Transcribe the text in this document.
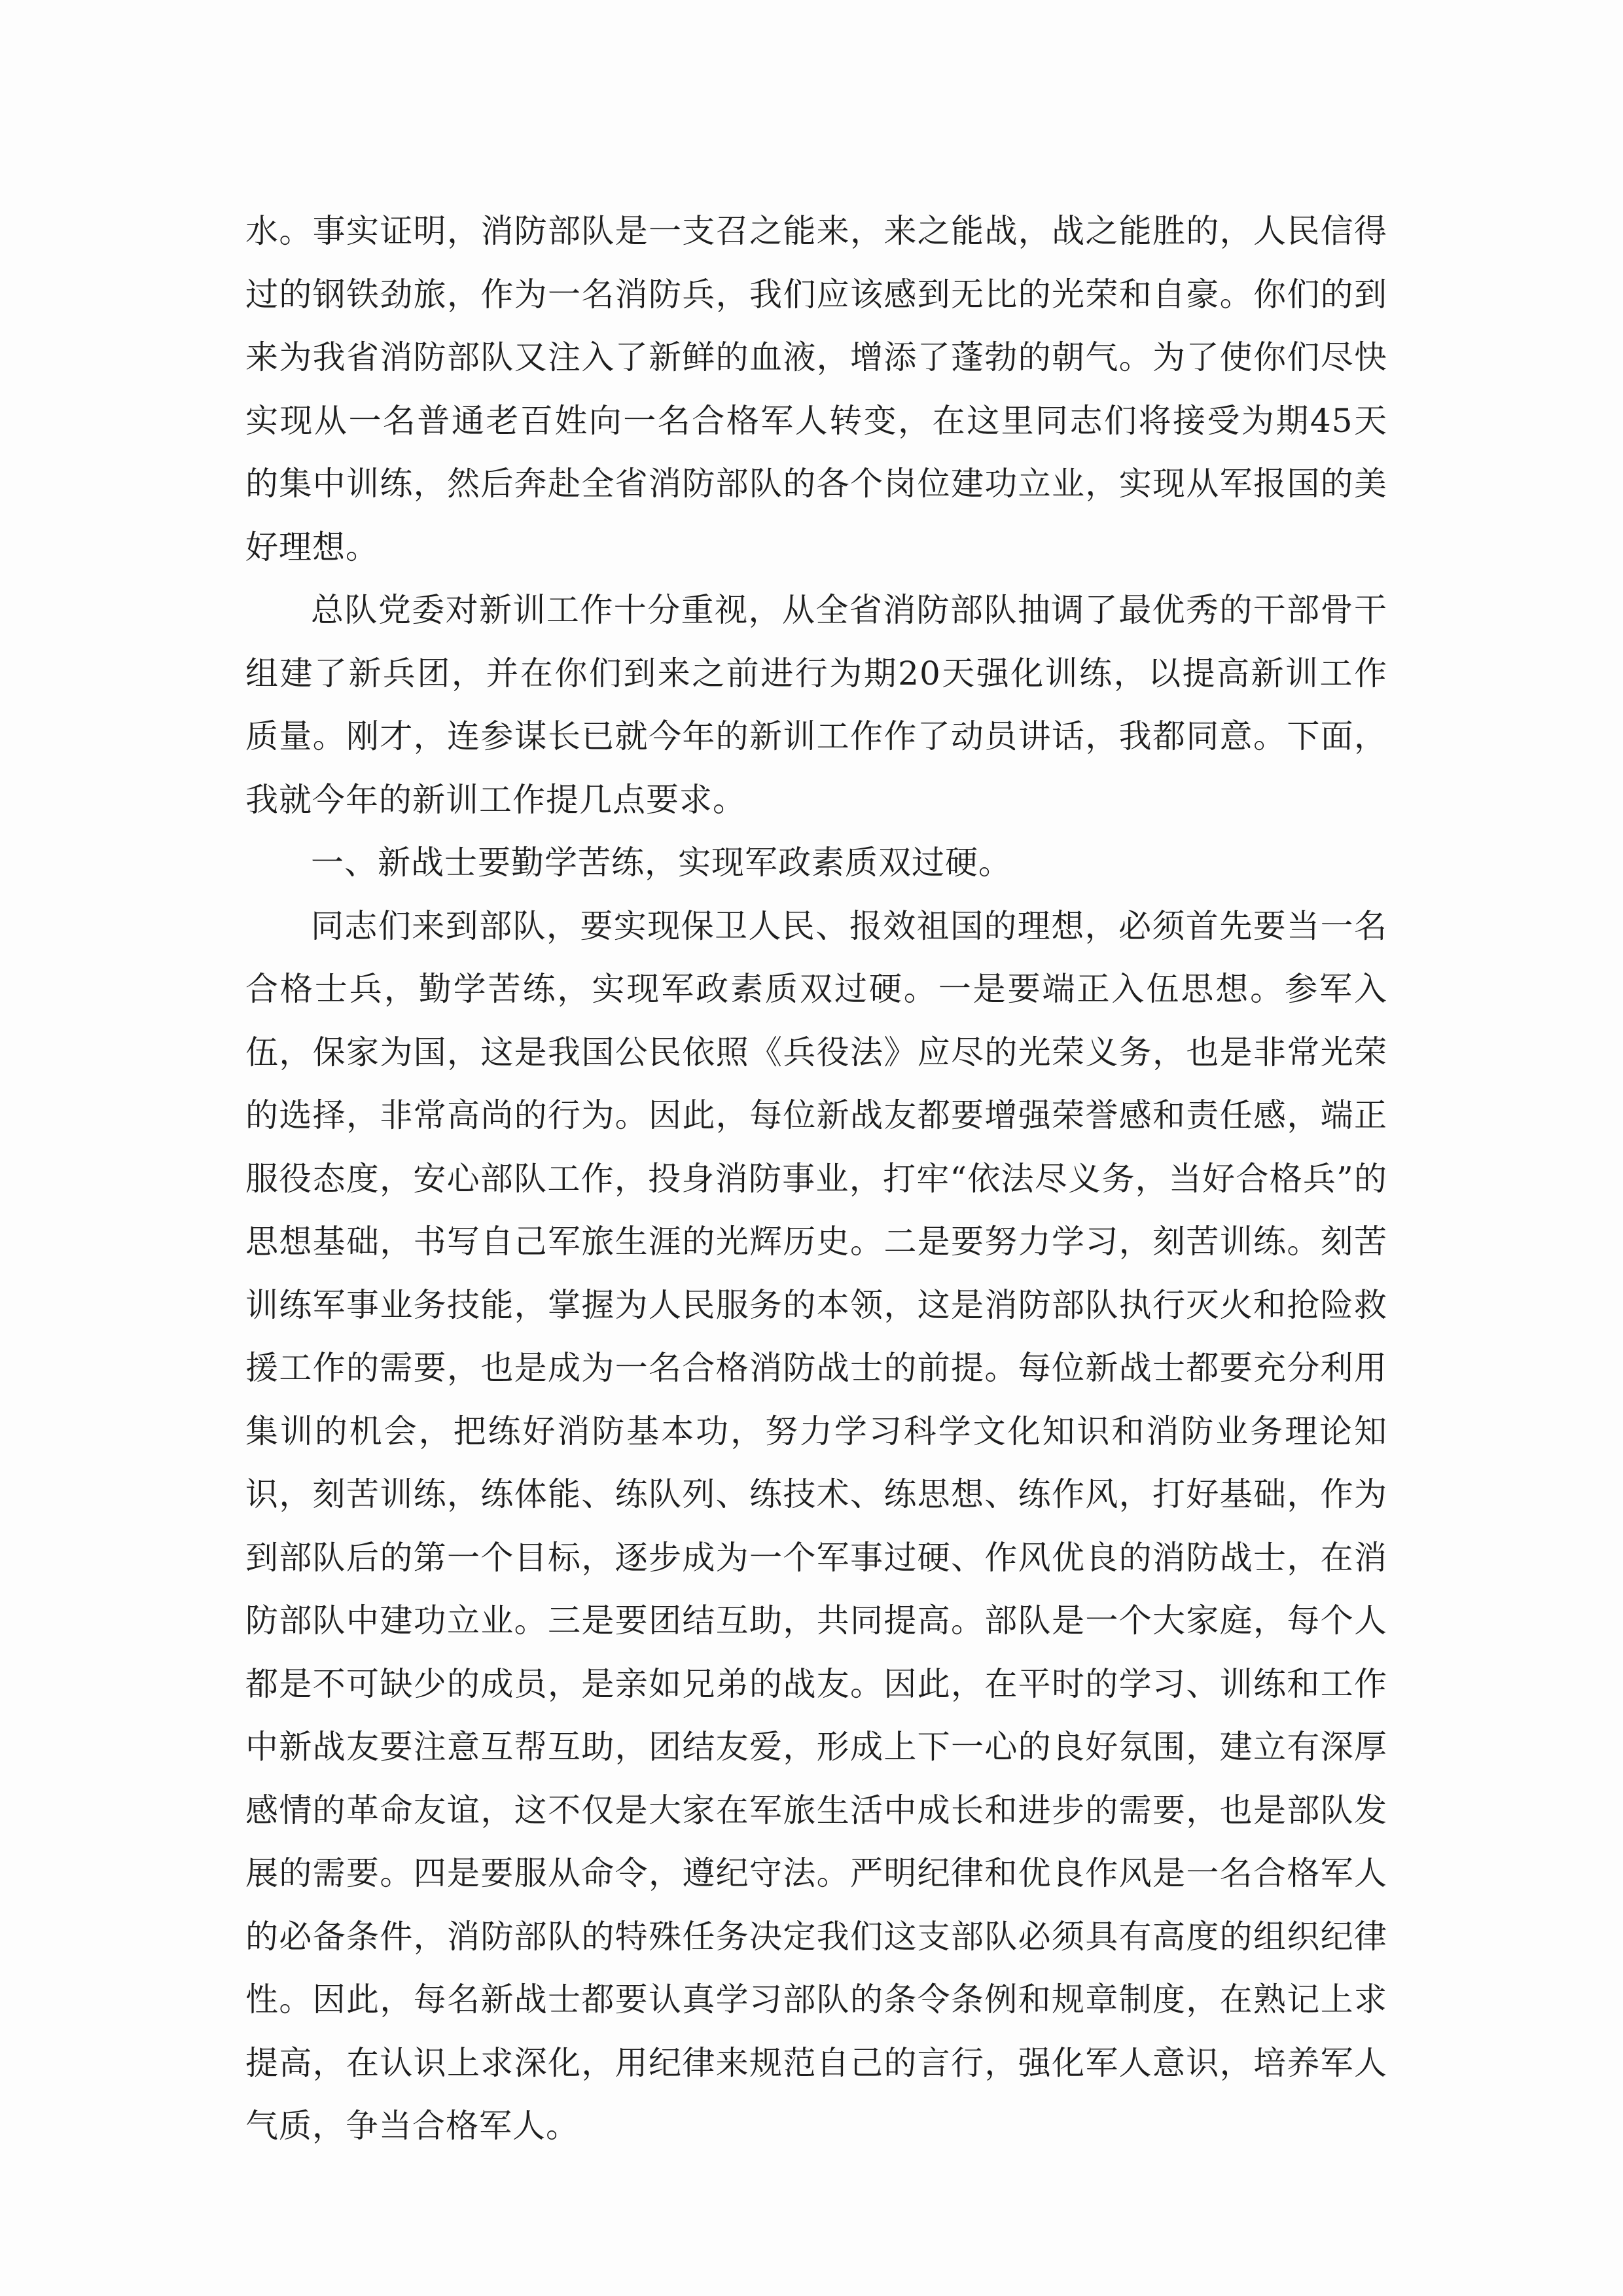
水。事实证明，消防部队是一支召之能来，来之能战，战之能胜的，人民信得过的钢铁劲旅，作为一名消防兵，我们应该感到无比的光荣和自豪。你们的到来为我省消防部队又注入了新鲜的血液，增添了蓬勃的朝气。为了使你们尽快实现从一名普通老百姓向一名合格军人转变，在这里同志们将接受为期45天的集中训练，然后奔赴全省消防部队的各个岗位建功立业，实现从军报国的美好理想。

总队党委对新训工作十分重视，从全省消防部队抽调了最优秀的干部骨干组建了新兵团，并在你们到来之前进行为期20天强化训练，以提高新训工作质量。刚才，连参谋长已就今年的新训工作作了动员讲话，我都同意。下面，我就今年的新训工作提几点要求。

一、新战士要勤学苦练，实现军政素质双过硬。

同志们来到部队，要实现保卫人民、报效祖国的理想，必须首先要当一名合格士兵，勤学苦练，实现军政素质双过硬。一是要端正入伍思想。参军入伍，保家为国，这是我国公民依照《兵役法》应尽的光荣义务，也是非常光荣的选择，非常高尚的行为。因此，每位新战友都要增强荣誉感和责任感，端正服役态度，安心部队工作，投身消防事业，打牢“依法尽义务，当好合格兵”的思想基础，书写自己军旅生涯的光辉历史。二是要努力学习，刻苦训练。刻苦训练军事业务技能，掌握为人民服务的本领，这是消防部队执行灭火和抢险救援工作的需要，也是成为一名合格消防战士的前提。每位新战士都要充分利用集训的机会，把练好消防基本功，努力学习科学文化知识和消防业务理论知识，刻苦训练，练体能、练队列、练技术、练思想、练作风，打好基础，作为到部队后的第一个目标，逐步成为一个军事过硬、作风优良的消防战士，在消防部队中建功立业。三是要团结互助，共同提高。部队是一个大家庭，每个人都是不可缺少的成员，是亲如兄弟的战友。因此，在平时的学习、训练和工作中新战友要注意互帮互助，团结友爱，形成上下一心的良好氛围，建立有深厚感情的革命友谊，这不仅是大家在军旅生活中成长和进步的需要，也是部队发展的需要。四是要服从命令，遵纪守法。严明纪律和优良作风是一名合格军人的必备条件，消防部队的特殊任务决定我们这支部队必须具有高度的组织纪律性。因此，每名新战士都要认真学习部队的条令条例和规章制度，在熟记上求提高，在认识上求深化，用纪律来规范自己的言行，强化军人意识，培养军人气质，争当合格军人。
